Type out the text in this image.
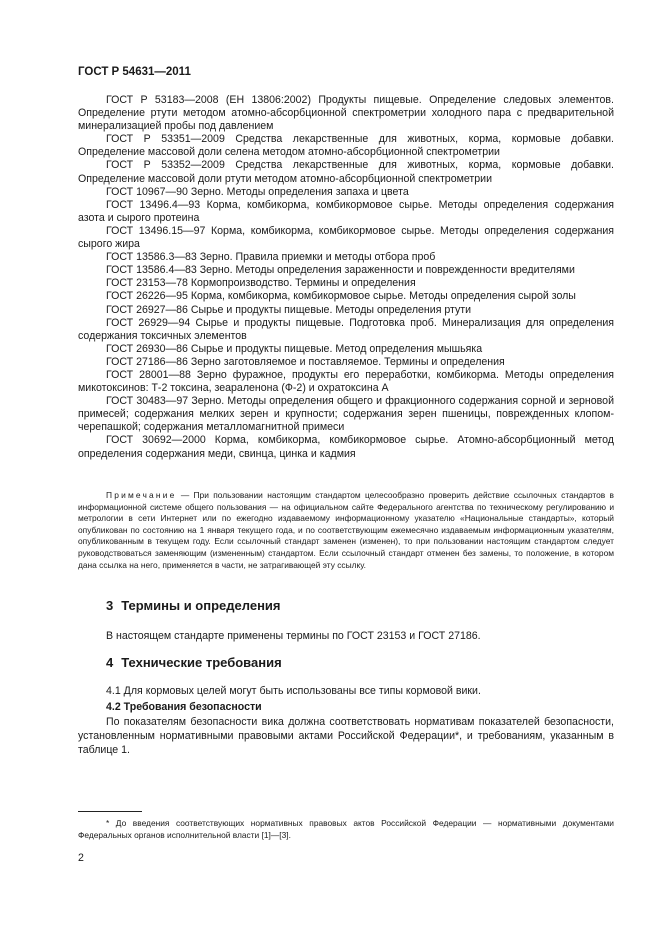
ГОСТ Р 54631—2011

ГОСТ Р 53183—2008 (ЕН 13806:2002) Продукты пищевые. Определение следовых элементов. Определение ртути методом атомно-абсорбционной спектрометрии холодного пара с предварительной минерализацией пробы под давлением

ГОСТ Р 53351—2009 Средства лекарственные для животных, корма, кормовые добавки. Определение массовой доли селена методом атомно-абсорбционной спектрометрии

ГОСТ Р 53352—2009 Средства лекарственные для животных, корма, кормовые добавки. Определение массовой доли ртути методом атомно-абсорбционной спектрометрии

ГОСТ 10967—90 Зерно. Методы определения запаха и цвета

ГОСТ 13496.4—93 Корма, комбикорма, комбикормовое сырье. Методы определения содержания азота и сырого протеина

ГОСТ 13496.15—97 Корма, комбикорма, комбикормовое сырье. Методы определения содержания сырого жира

ГОСТ 13586.3—83 Зерно. Правила приемки и методы отбора проб

ГОСТ 13586.4—83 Зерно. Методы определения зараженности и поврежденности вредителями

ГОСТ 23153—78 Кормопроизводство. Термины и определения

ГОСТ 26226—95 Корма, комбикорма, комбикормовое сырье. Методы определения сырой золы

ГОСТ 26927—86 Сырье и продукты пищевые. Методы определения ртути

ГОСТ 26929—94 Сырье и продукты пищевые. Подготовка проб. Минерализация для определения содержания токсичных элементов

ГОСТ 26930—86 Сырье и продукты пищевые. Метод определения мышьяка

ГОСТ 27186—86 Зерно заготовляемое и поставляемое. Термины и определения

ГОСТ 28001—88 Зерно фуражное, продукты его переработки, комбикорма. Методы определения микотоксинов: Т-2 токсина, зеараленона (Ф-2) и охратоксина А

ГОСТ 30483—97 Зерно. Методы определения общего и фракционного содержания сорной и зерновой примесей; содержания мелких зерен и крупности; содержания зерен пшеницы, поврежденных клопом-черепашкой; содержания металломагнитной примеси

ГОСТ 30692—2000 Корма, комбикорма, комбикормовое сырье. Атомно-абсорбционный метод определения содержания меди, свинца, цинка и кадмия

Примечание — При пользовании настоящим стандартом целесообразно проверить действие ссылочных стандартов в информационной системе общего пользования — на официальном сайте Федерального агентства по техническому регулированию и метрологии в сети Интернет или по ежегодно издаваемому информационному указателю «Национальные стандарты», который опубликован по состоянию на 1 января текущего года, и по соответствующим ежемесячно издаваемым информационным указателям, опубликованным в текущем году. Если ссылочный стандарт заменен (изменен), то при пользовании настоящим стандартом следует руководствоваться заменяющим (измененным) стандартом. Если ссылочный стандарт отменен без замены, то положение, в котором дана ссылка на него, применяется в части, не затрагивающей эту ссылку.

3 Термины и определения

В настоящем стандарте применены термины по ГОСТ 23153 и ГОСТ 27186.

4 Технические требования

4.1 Для кормовых целей могут быть использованы все типы кормовой вики.

4.2 Требования безопасности

По показателям безопасности вика должна соответствовать нормативам показателей безопасности, установленным нормативными правовыми актами Российской Федерации*, и требованиям, указанным в таблице 1.

* До введения соответствующих нормативных правовых актов Российской Федерации — нормативными документами Федеральных органов исполнительной власти [1]—[3].

2
